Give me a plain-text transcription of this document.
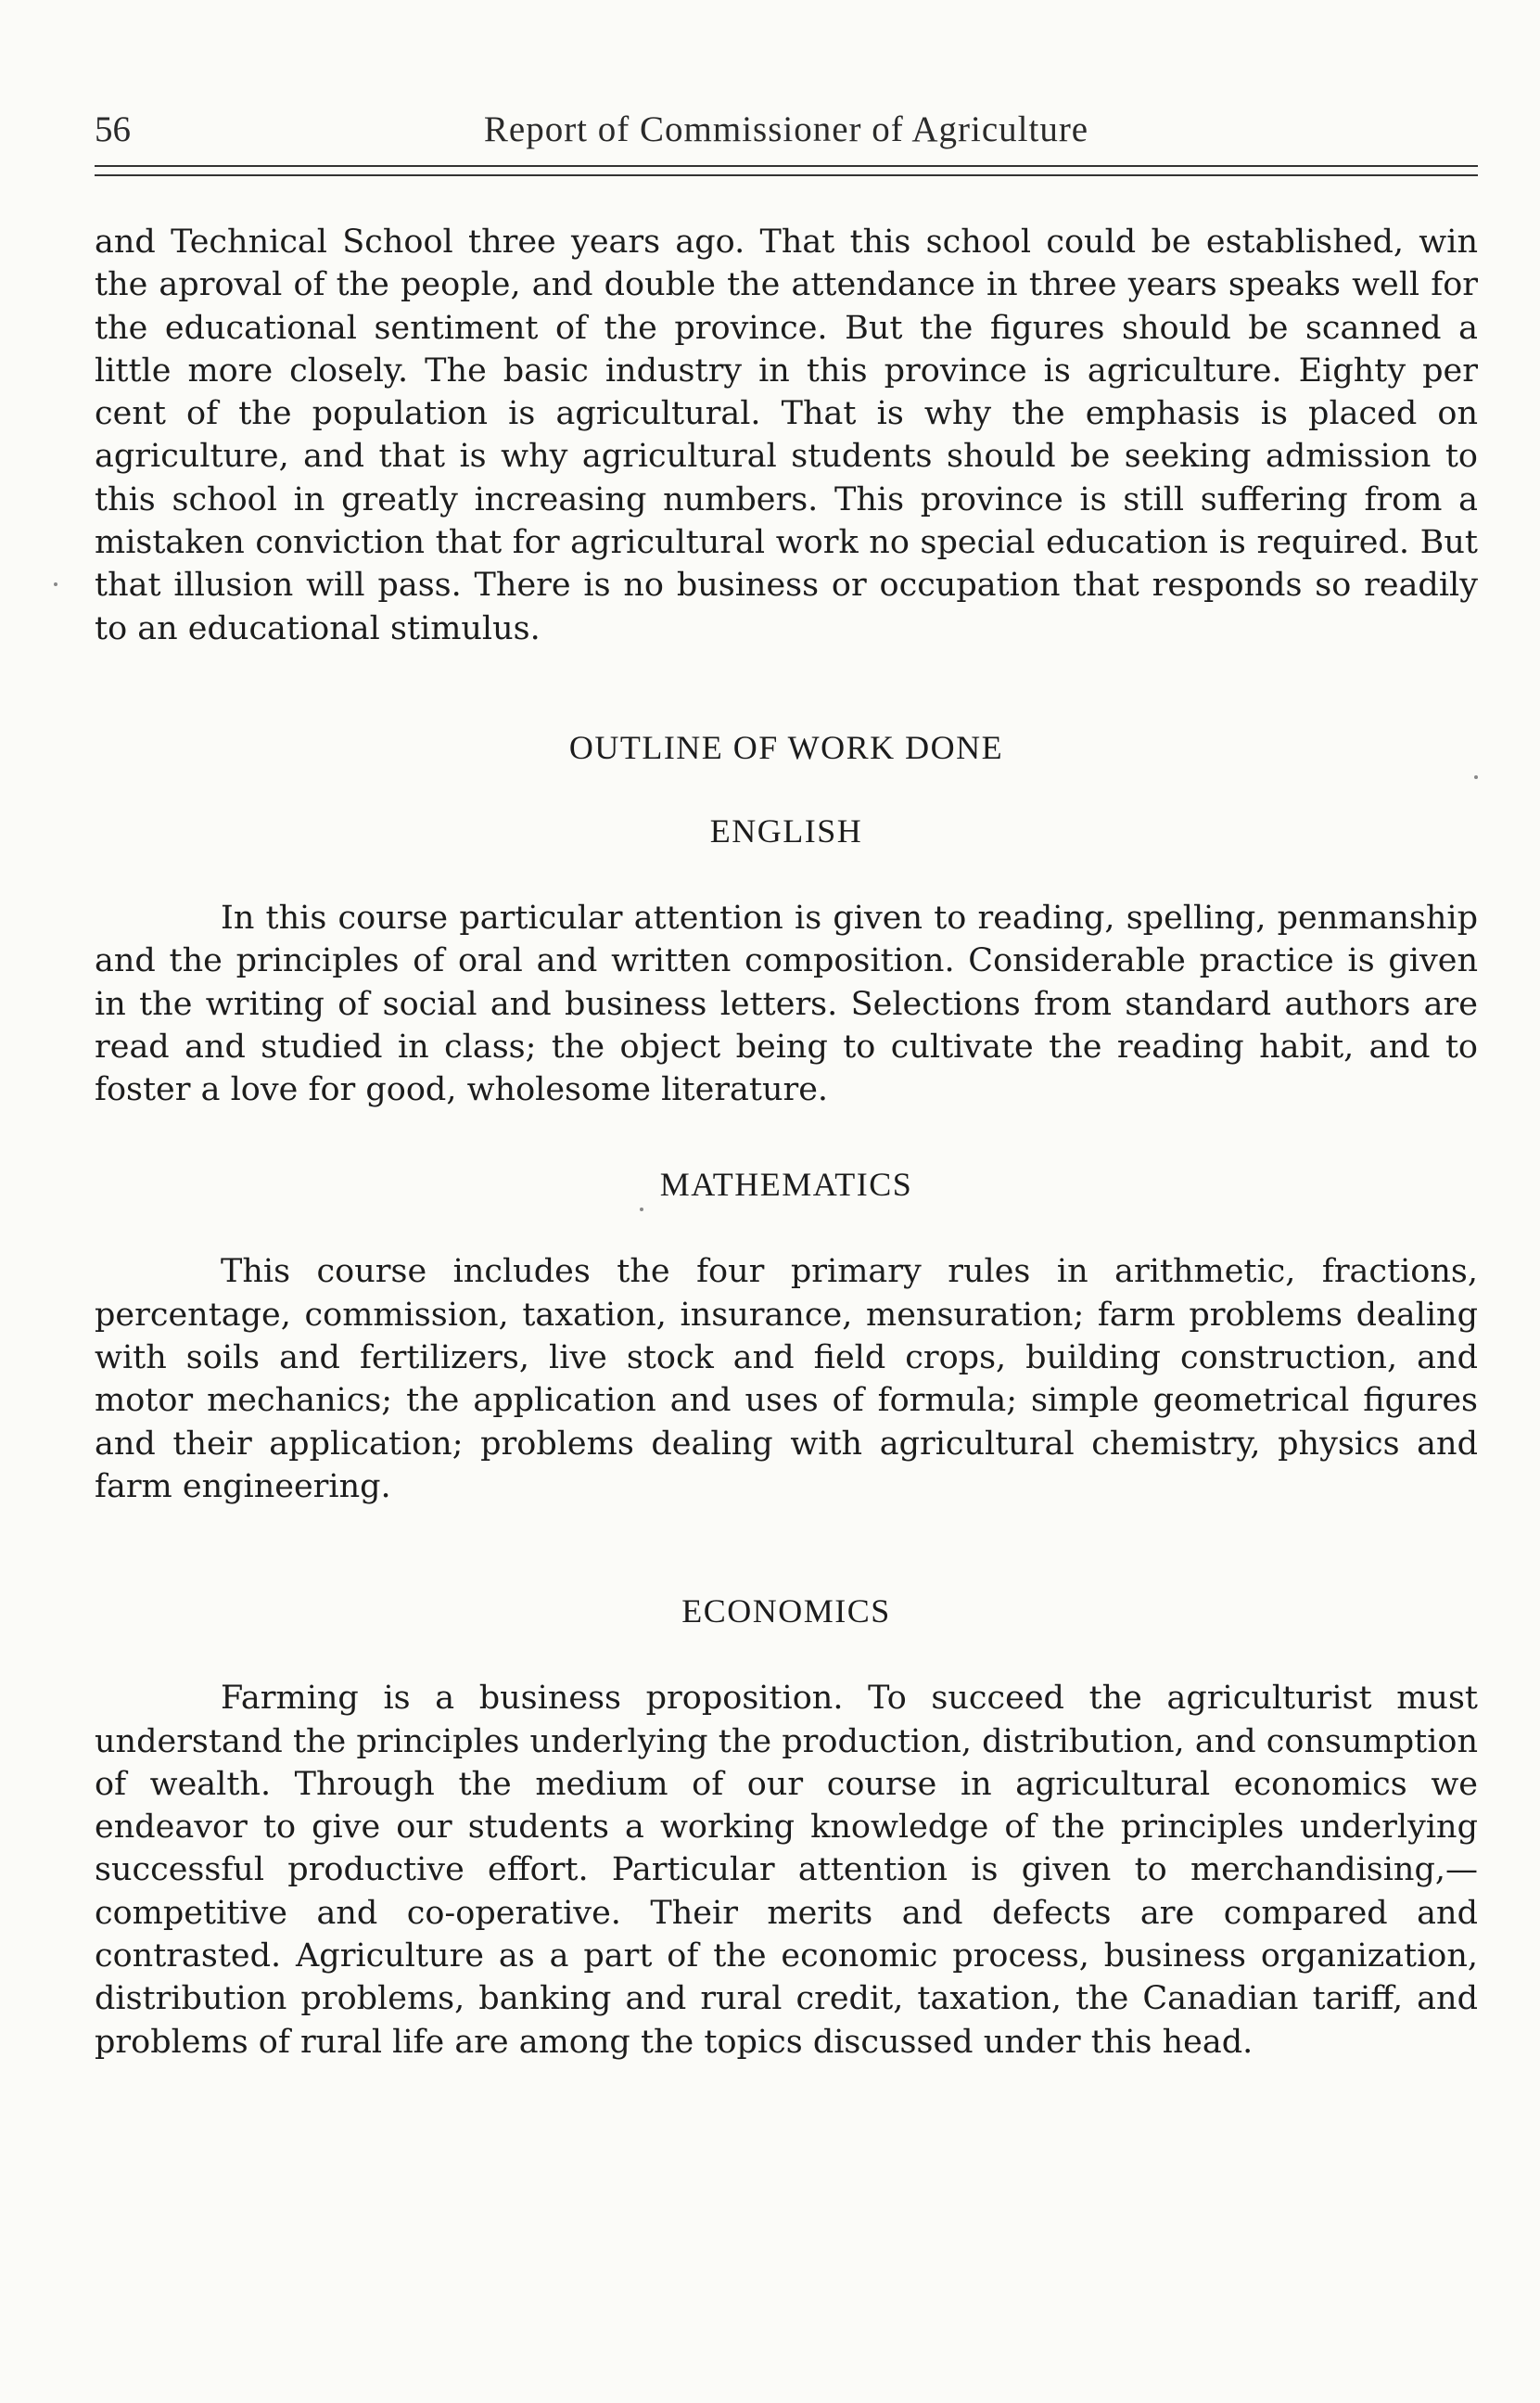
56	Report of Commissioner of Agriculture

and Technical School three years ago. That this school could be established, win the aproval of the people, and double the attendance in three years speaks well for the educational sentiment of the province. But the figures should be scanned a little more closely. The basic industry in this province is agriculture. Eighty per cent of the population is agricultural. That is why the emphasis is placed on agriculture, and that is why agricultural students should be seeking admission to this school in greatly increasing numbers. This province is still suffering from a mistaken conviction that for agricultural work no special education is required. But that illusion will pass. There is no business or occupation that responds so readily to an educational stimulus.

OUTLINE OF WORK DONE
ENGLISH

In this course particular attention is given to reading, spelling, penmanship and the principles of oral and written composition. Considerable practice is given in the writing of social and business letters. Selections from standard authors are read and studied in class; the object being to cultivate the reading habit, and to foster a love for good, wholesome literature.

MATHEMATICS

This course includes the four primary rules in arithmetic, fractions, percentage, commission, taxation, insurance, mensuration; farm problems dealing with soils and fertilizers, live stock and field crops, building construction, and motor mechanics; the application and uses of formula; simple geometrical figures and their application; problems dealing with agricultural chemistry, physics and farm engineering.

ECONOMICS

Farming is a business proposition. To succeed the agriculturist must understand the principles underlying the production, distribution, and consumption of wealth. Through the medium of our course in agricultural economics we endeavor to give our students a working knowledge of the principles underlying successful productive effort. Particular attention is given to merchandising,—competitive and co-operative. Their merits and defects are compared and contrasted. Agriculture as a part of the economic process, business organization, distribution problems, banking and rural credit, taxation, the Canadian tariff, and problems of rural life are among the topics discussed under this head.
